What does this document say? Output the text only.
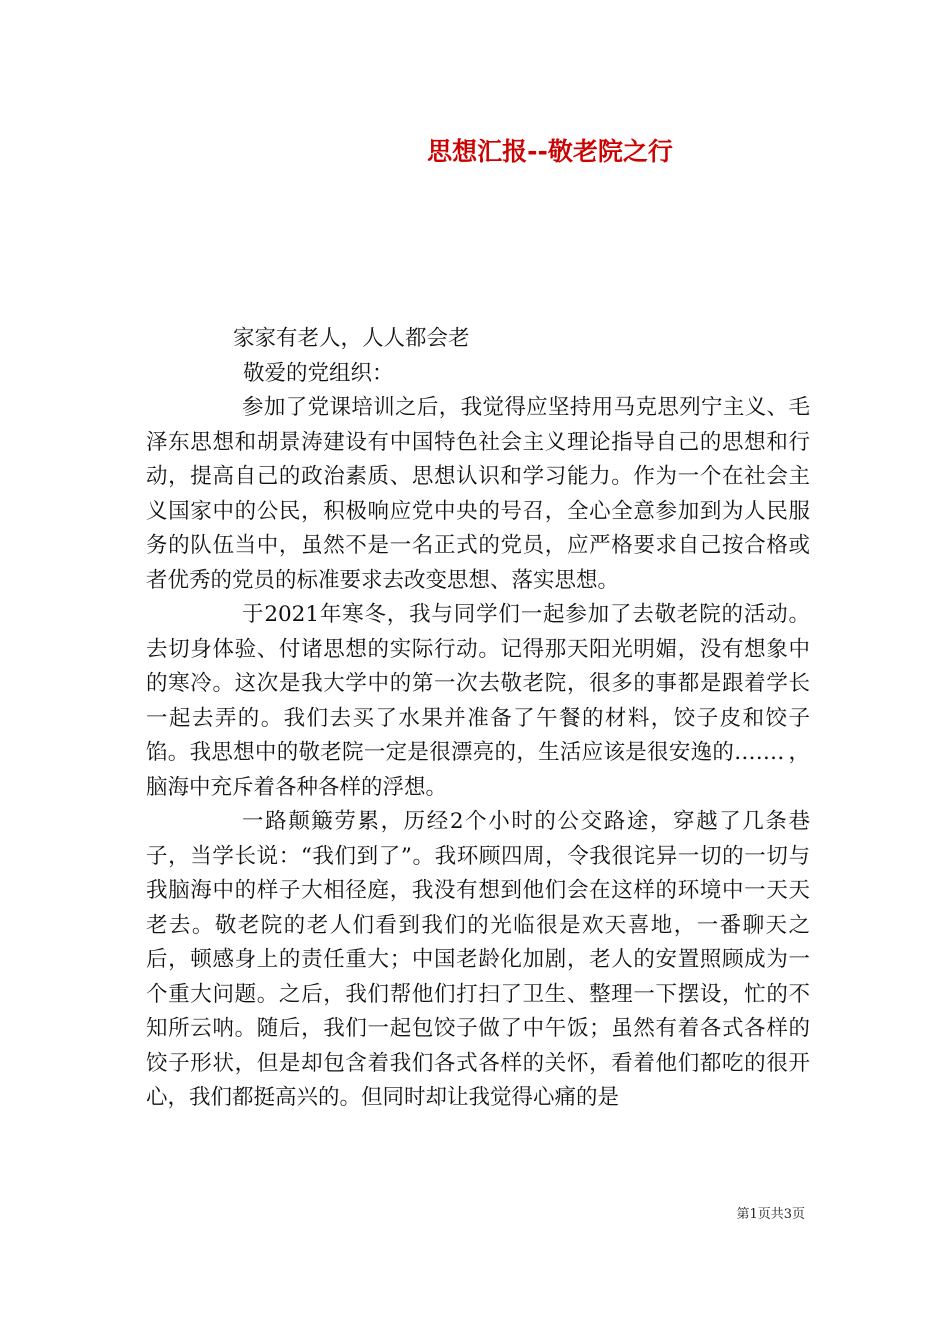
思想汇报--敬老院之行

家家有老人，人人都会老

敬爱的党组织：

参加了党课培训之后，我觉得应坚持用马克思列宁主义、毛泽东思想和胡景涛建设有中国特色社会主义理论指导自己的思想和行动，提高自己的政治素质、思想认识和学习能力。作为一个在社会主义国家中的公民，积极响应党中央的号召，全心全意参加到为人民服务的队伍当中，虽然不是一名正式的党员，应严格要求自己按合格或者优秀的党员的标准要求去改变思想、落实思想。

于2021年寒冬，我与同学们一起参加了去敬老院的活动。去切身体验、付诸思想的实际行动。记得那天阳光明媚，没有想象中的寒冷。这次是我大学中的第一次去敬老院，很多的事都是跟着学长一起去弄的。我们去买了水果并准备了午餐的材料，饺子皮和饺子馅。我思想中的敬老院一定是很漂亮的，生活应该是很安逸的……．，脑海中充斥着各种各样的浮想。

一路颠簸劳累，历经2个小时的公交路途，穿越了几条巷子，当学长说：“我们到了”。我环顾四周，令我很诧异一切的一切与我脑海中的样子大相径庭，我没有想到他们会在这样的环境中一天天老去。敬老院的老人们看到我们的光临很是欢天喜地，一番聊天之后，顿感身上的责任重大；中国老龄化加剧，老人的安置照顾成为一个重大问题。之后，我们帮他们打扫了卫生、整理一下摆设，忙的不知所云呐。随后，我们一起包饺子做了中午饭；虽然有着各式各样的饺子形状，但是却包含着我们各式各样的关怀，看着他们都吃的很开心，我们都挺高兴的。但同时却让我觉得心痛的是

第1页共3页
